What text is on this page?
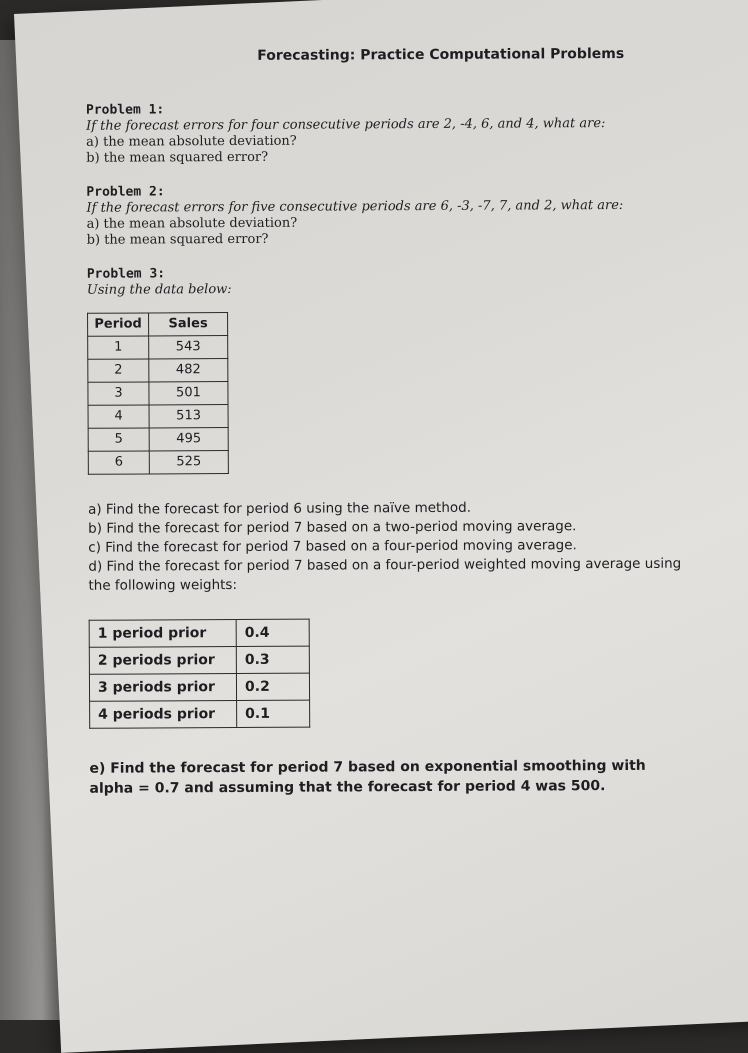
Forecasting: Practice Computational Problems
Problem 1:
If the forecast errors for four consecutive periods are 2, -4, 6, and 4, what are:
a) the mean absolute deviation?
b) the mean squared error?
Problem 2:
If the forecast errors for five consecutive periods are 6, -3, -7, 7, and 2, what are:
a) the mean absolute deviation?
b) the mean squared error?
Problem 3:
Using the data below:
Period	Sales
1	543
2	482
3	501
4	513
5	495
6	525
a) Find the forecast for period 6 using the naïve method.
b) Find the forecast for period 7 based on a two-period moving average.
c) Find the forecast for period 7 based on a four-period moving average.
d) Find the forecast for period 7 based on a four-period weighted moving average using the following weights:
1 period prior	0.4
2 periods prior	0.3
3 periods prior	0.2
4 periods prior	0.1
e) Find the forecast for period 7 based on exponential smoothing with alpha = 0.7 and assuming that the forecast for period 4 was 500.
